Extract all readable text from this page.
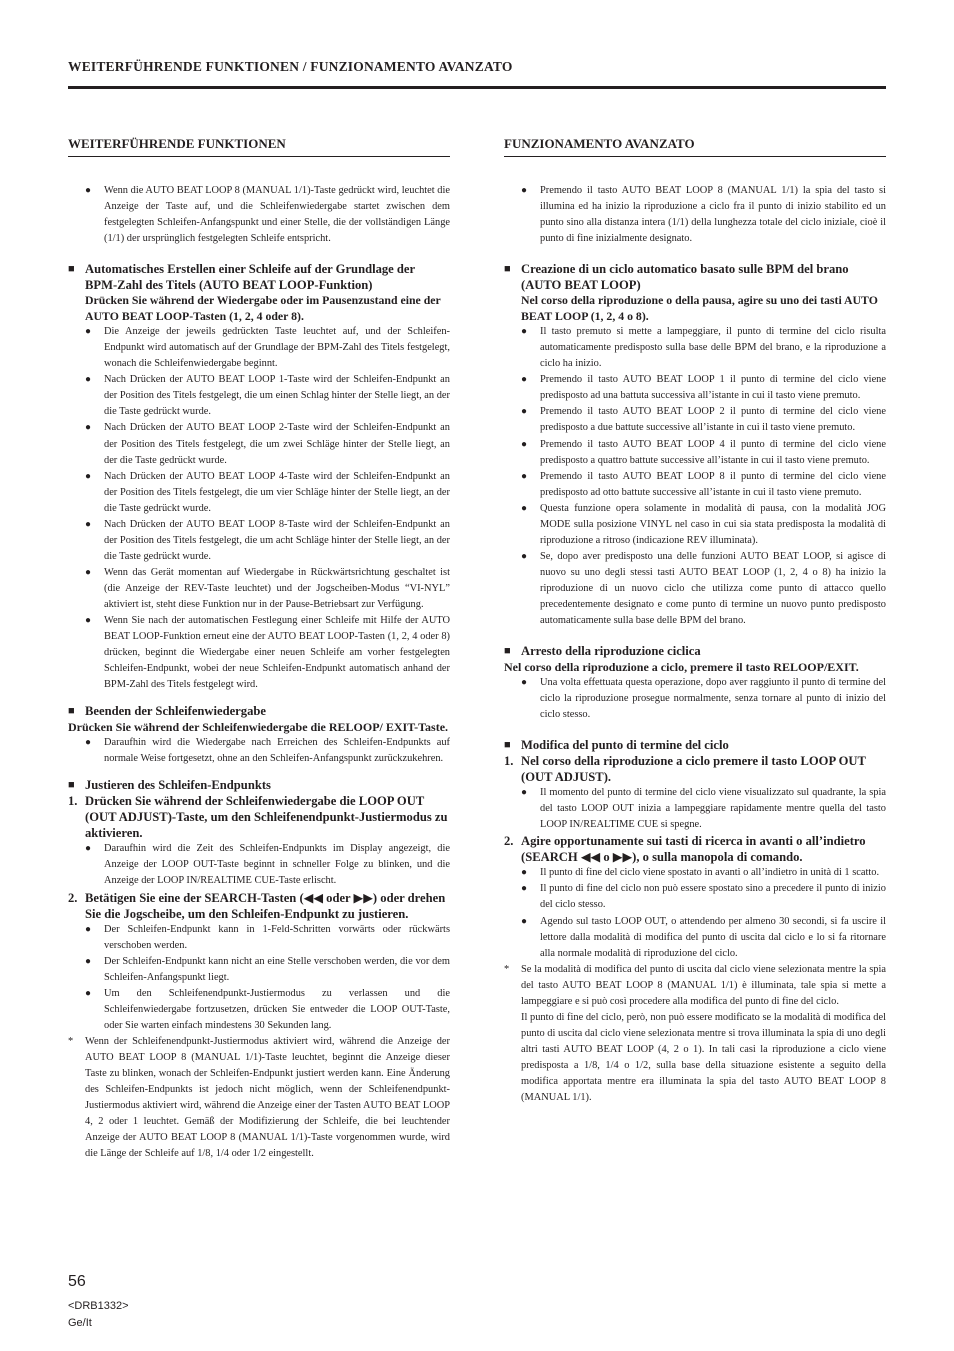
WEITERFÜHRENDE FUNKTIONEN / FUNZIONAMENTO AVANZATO
WEITERFÜHRENDE FUNKTIONEN

● Wenn die AUTO BEAT LOOP 8 (MANUAL 1/1)-Taste gedrückt wird, leuchtet die Anzeige der Taste auf, und die Schleifenwiedergabe startet zwischen dem festgelegten Schleifen-Anfangspunkt und einer Stelle, die der vollständigen Länge (1/1) der ursprünglich festgelegten Schleife entspricht.

■ Automatisches Erstellen einer Schleife auf der Grundlage der BPM-Zahl des Titels (AUTO BEAT LOOP-Funktion)

Drücken Sie während der Wiedergabe oder im Pausenzustand eine der AUTO BEAT LOOP-Tasten (1, 2, 4 oder 8).

● Die Anzeige der jeweils gedrückten Taste leuchtet auf, und der Schleifen-Endpunkt wird automatisch auf der Grundlage der BPM-Zahl des Titels festgelegt, wonach die Schleifenwiedergabe beginnt.

● Nach Drücken der AUTO BEAT LOOP 1-Taste wird der Schleifen-Endpunkt an der Position des Titels festgelegt, die um einen Schlag hinter der Stelle liegt, an der die Taste gedrückt wurde.

● Nach Drücken der AUTO BEAT LOOP 2-Taste wird der Schleifen-Endpunkt an der Position des Titels festgelegt, die um zwei Schläge hinter der Stelle liegt, an der die Taste gedrückt wurde.

● Nach Drücken der AUTO BEAT LOOP 4-Taste wird der Schleifen-Endpunkt an der Position des Titels festgelegt, die um vier Schläge hinter der Stelle liegt, an der die Taste gedrückt wurde.

● Nach Drücken der AUTO BEAT LOOP 8-Taste wird der Schleifen-Endpunkt an der Position des Titels festgelegt, die um acht Schläge hinter der Stelle liegt, an der die Taste gedrückt wurde.

● Wenn das Gerät momentan auf Wiedergabe in Rückwärtsrichtung geschaltet ist (die Anzeige der REV-Taste leuchtet) und der Jogscheiben-Modus “VI-NYL” aktiviert ist, steht diese Funktion nur in der Pause-Betriebsart zur Verfügung.

● Wenn Sie nach der automatischen Festlegung einer Schleife mit Hilfe der AUTO BEAT LOOP-Funktion erneut eine der AUTO BEAT LOOP-Tasten (1, 2, 4 oder 8) drücken, beginnt die Wiedergabe einer neuen Schleife am vorher festgelegten Schleifen-Endpunkt, wobei der neue Schleifen-Endpunkt automatisch anhand der BPM-Zahl des Titels festgelegt wird.

■ Beenden der Schleifenwiedergabe

Drücken Sie während der Schleifenwiedergabe die RELOOP/ EXIT-Taste.

● Daraufhin wird die Wiedergabe nach Erreichen des Schleifen-Endpunkts auf normale Weise fortgesetzt, ohne an den Schleifen-Anfangspunkt zurückzukehren.

■ Justieren des Schleifen-Endpunkts

1. Drücken Sie während der Schleifenwiedergabe die LOOP OUT (OUT ADJUST)-Taste, um den Schleifenendpunkt-Justiermodus zu aktivieren.

● Daraufhin wird die Zeit des Schleifen-Endpunkts im Display angezeigt, die Anzeige der LOOP OUT-Taste beginnt in schneller Folge zu blinken, und die Anzeige der LOOP IN/REALTIME CUE-Taste erlischt.

2. Betätigen Sie eine der SEARCH-Tasten (◀◀ oder ▶▶) oder drehen Sie die Jogscheibe, um den Schleifen-Endpunkt zu justieren.

● Der Schleifen-Endpunkt kann in 1-Feld-Schritten vorwärts oder rückwärts verschoben werden.

● Der Schleifen-Endpunkt kann nicht an eine Stelle verschoben werden, die vor dem Schleifen-Anfangspunkt liegt.

● Um den Schleifenendpunkt-Justiermodus zu verlassen und die Schleifenwiedergabe fortzusetzen, drücken Sie entweder die LOOP OUT-Taste, oder Sie warten einfach mindestens 30 Sekunden lang.

* Wenn der Schleifenendpunkt-Justiermodus aktiviert wird, während die Anzeige der AUTO BEAT LOOP 8 (MANUAL 1/1)-Taste leuchtet, beginnt die Anzeige dieser Taste zu blinken, wonach der Schleifen-Endpunkt justiert werden kann. Eine Änderung des Schleifen-Endpunkts ist jedoch nicht möglich, wenn der Schleifenendpunkt-Justiermodus aktiviert wird, während die Anzeige einer der Tasten AUTO BEAT LOOP 4, 2 oder 1 leuchtet. Gemäß der Modifizierung der Schleife, die bei leuchtender Anzeige der AUTO BEAT LOOP 8 (MANUAL 1/1)-Taste vorgenommen wurde, wird die Länge der Schleife auf 1/8, 1/4 oder 1/2 eingestellt.

FUNZIONAMENTO AVANZATO

● Premendo il tasto AUTO BEAT LOOP 8 (MANUAL 1/1) la spia del tasto si illumina ed ha inizio la riproduzione a ciclo fra il punto di inizio stabilito ed un punto sino alla distanza intera (1/1) della lunghezza totale del ciclo iniziale, cioè il punto di fine inizialmente designato.

■ Creazione di un ciclo automatico basato sulle BPM del brano (AUTO BEAT LOOP)

Nel corso della riproduzione o della pausa, agire su uno dei tasti AUTO BEAT LOOP (1, 2, 4 o 8).

● Il tasto premuto si mette a lampeggiare, il punto di termine del ciclo risulta automaticamente predisposto sulla base delle BPM del brano, e la riproduzione a ciclo ha inizio.

● Premendo il tasto AUTO BEAT LOOP 1 il punto di termine del ciclo viene predisposto ad una battuta successiva all’istante in cui il tasto viene premuto.

● Premendo il tasto AUTO BEAT LOOP 2 il punto di termine del ciclo viene predisposto a due battute successive all’istante in cui il tasto viene premuto.

● Premendo il tasto AUTO BEAT LOOP 4 il punto di termine del ciclo viene predisposto a quattro battute successive all’istante in cui il tasto viene premuto.

● Premendo il tasto AUTO BEAT LOOP 8 il punto di termine del ciclo viene predisposto ad otto battute successive all’istante in cui il tasto viene premuto.

● Questa funzione opera solamente in modalità di pausa, con la modalità JOG MODE sulla posizione VINYL nel caso in cui sia stata predisposta la modalità di riproduzione a ritroso (indicazione REV illuminata).

● Se, dopo aver predisposto una delle funzioni AUTO BEAT LOOP, si agisce di nuovo su uno degli stessi tasti AUTO BEAT LOOP (1, 2, 4 o 8) ha inizio la riproduzione di un nuovo ciclo che utilizza come punto di attacco quello precedentemente designato e come punto di termine un nuovo punto predisposto automaticamente sulla base delle BPM del brano.

■ Arresto della riproduzione ciclica

Nel corso della riproduzione a ciclo, premere il tasto RELOOP/EXIT.

● Una volta effettuata questa operazione, dopo aver raggiunto il punto di termine del ciclo la riproduzione prosegue normalmente, senza tornare al punto di inizio del ciclo stesso.

■ Modifica del punto di termine del ciclo

1. Nel corso della riproduzione a ciclo premere il tasto LOOP OUT (OUT ADJUST).

● Il momento del punto di termine del ciclo viene visualizzato sul quadrante, la spia del tasto LOOP OUT inizia a lampeggiare rapidamente mentre quella del tasto LOOP IN/REALTIME CUE si spegne.

2. Agire opportunamente sui tasti di ricerca in avanti o all’indietro (SEARCH ◀◀ o ▶▶), o sulla manopola di comando.

● Il punto di fine del ciclo viene spostato in avanti o all’indietro in unità di 1 scatto.

● Il punto di fine del ciclo non può essere spostato sino a precedere il punto di inizio del ciclo stesso.

● Agendo sul tasto LOOP OUT, o attendendo per almeno 30 secondi, si fa uscire il lettore dalla modalità di modifica del punto di uscita dal ciclo e lo si fa ritornare alla normale modalità di riproduzione del ciclo.

* Se la modalità di modifica del punto di uscita dal ciclo viene selezionata mentre la spia del tasto AUTO BEAT LOOP 8 (MANUAL 1/1) è illuminata, tale spia si mette a lampeggiare e si può così procedere alla modifica del punto di fine del ciclo.

Il punto di fine del ciclo, però, non può essere modificato se la modalità di modifica del punto di uscita dal ciclo viene selezionata mentre si trova illuminata la spia di uno degli altri tasti AUTO BEAT LOOP (4, 2 o 1). In tali casi la riproduzione a ciclo viene predisposta a 1/8, 1/4 o 1/2, sulla base della situazione esistente a seguito della modifica apportata mentre era illuminata la spia del tasto AUTO BEAT LOOP 8 (MANUAL 1/1).

56
<DRB1332>
Ge/It
